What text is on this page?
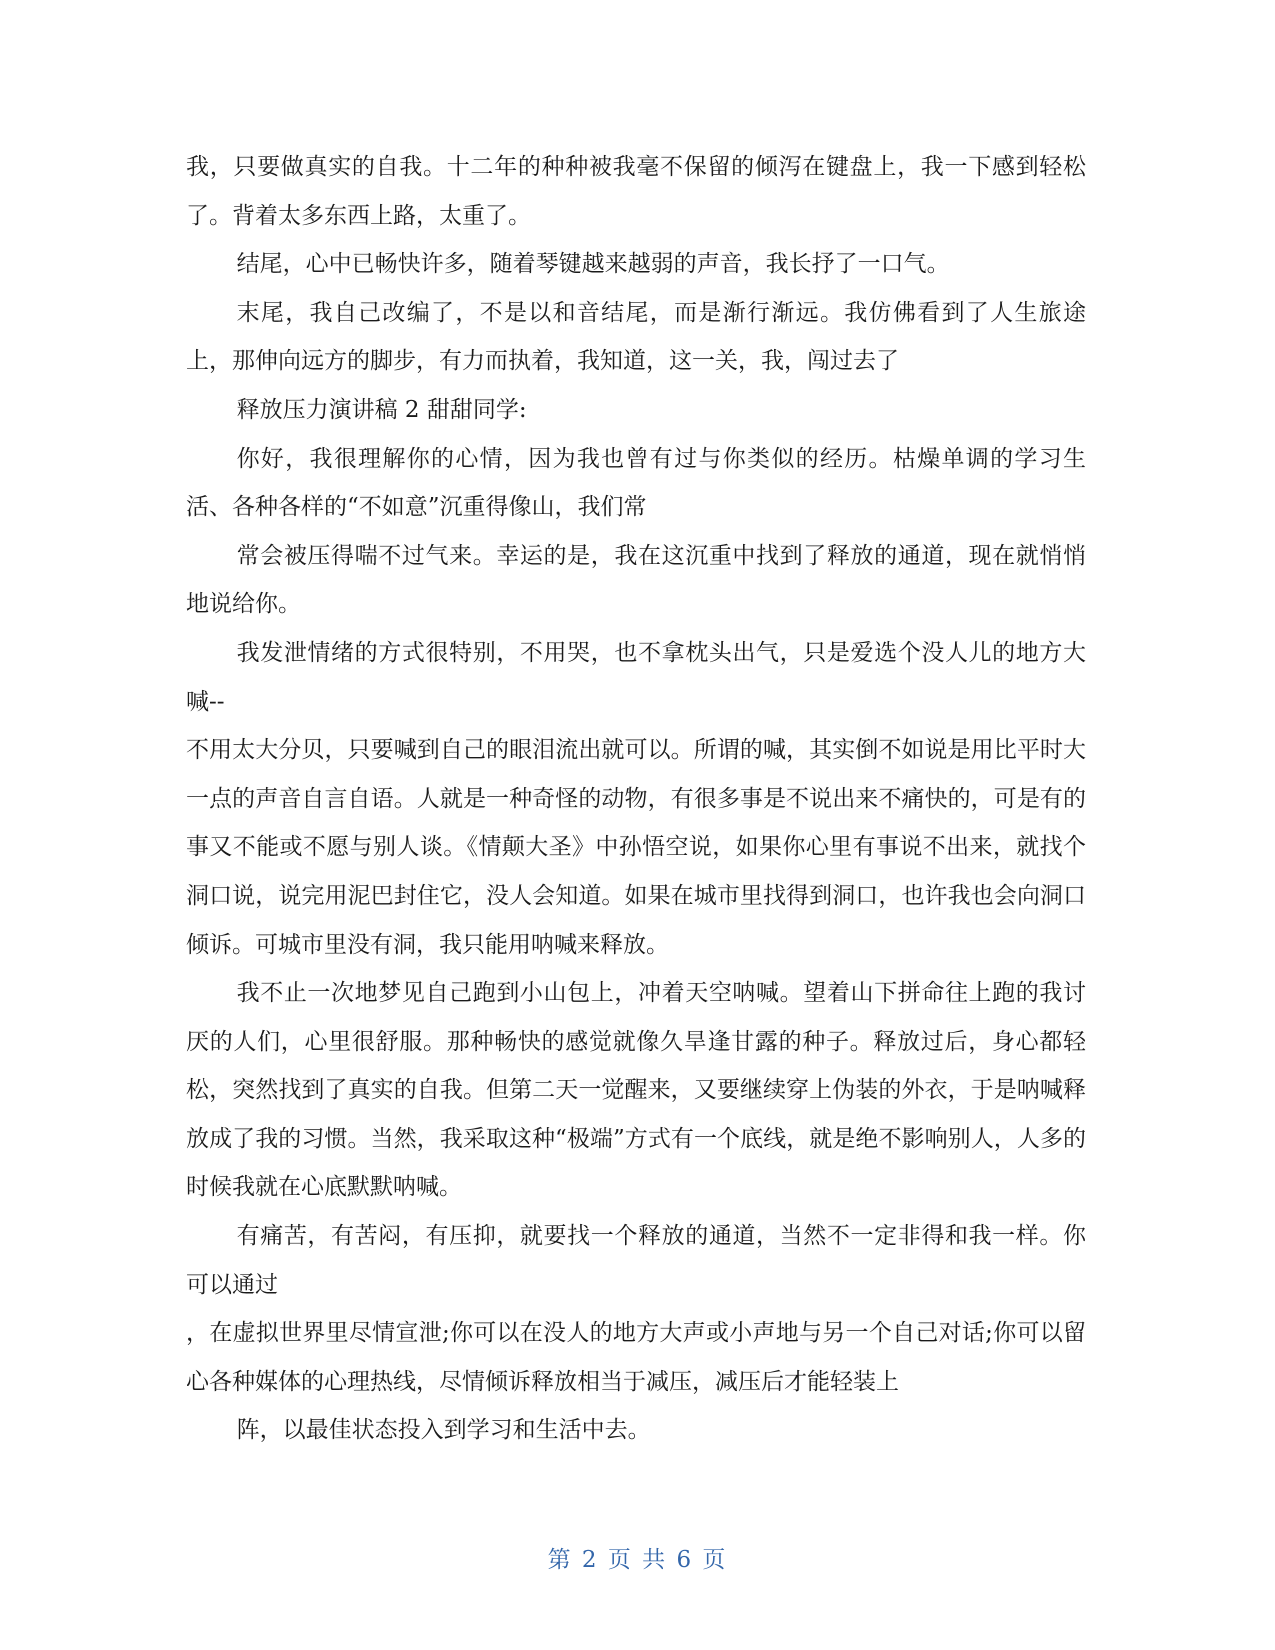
我，只要做真实的自我。十二年的种种被我毫不保留的倾泻在键盘上，我一下感到轻松了。背着太多东西上路，太重了。

结尾，心中已畅快许多，随着琴键越来越弱的声音，我长抒了一口气。

末尾，我自己改编了，不是以和音结尾，而是渐行渐远。我仿佛看到了人生旅途上，那伸向远方的脚步，有力而执着，我知道，这一关，我，闯过去了

释放压力演讲稿 2 甜甜同学:

你好，我很理解你的心情，因为我也曾有过与你类似的经历。枯燥单调的学习生活、各种各样的“不如意”沉重得像山，我们常

常会被压得喘不过气来。幸运的是，我在这沉重中找到了释放的通道，现在就悄悄地说给你。

我发泄情绪的方式很特别，不用哭，也不拿枕头出气，只是爱选个没人儿的地方大喊--

不用太大分贝，只要喊到自己的眼泪流出就可以。所谓的喊，其实倒不如说是用比平时大一点的声音自言自语。人就是一种奇怪的动物，有很多事是不说出来不痛快的，可是有的事又不能或不愿与别人谈。《情颠大圣》中孙悟空说，如果你心里有事说不出来，就找个洞口说，说完用泥巴封住它，没人会知道。如果在城市里找得到洞口，也许我也会向洞口倾诉。可城市里没有洞，我只能用呐喊来释放。

我不止一次地梦见自己跑到小山包上，冲着天空呐喊。望着山下拼命往上跑的我讨厌的人们，心里很舒服。那种畅快的感觉就像久旱逢甘露的种子。释放过后，身心都轻松，突然找到了真实的自我。但第二天一觉醒来，又要继续穿上伪装的外衣，于是呐喊释放成了我的习惯。当然，我采取这种“极端”方式有一个底线，就是绝不影响别人，人多的时候我就在心底默默呐喊。

有痛苦，有苦闷，有压抑，就要找一个释放的通道，当然不一定非得和我一样。你可以通过

，在虚拟世界里尽情宣泄;你可以在没人的地方大声或小声地与另一个自己对话;你可以留心各种媒体的心理热线，尽情倾诉释放相当于减压，减压后才能轻装上

阵，以最佳状态投入到学习和生活中去。

第 2 页 共 6 页
